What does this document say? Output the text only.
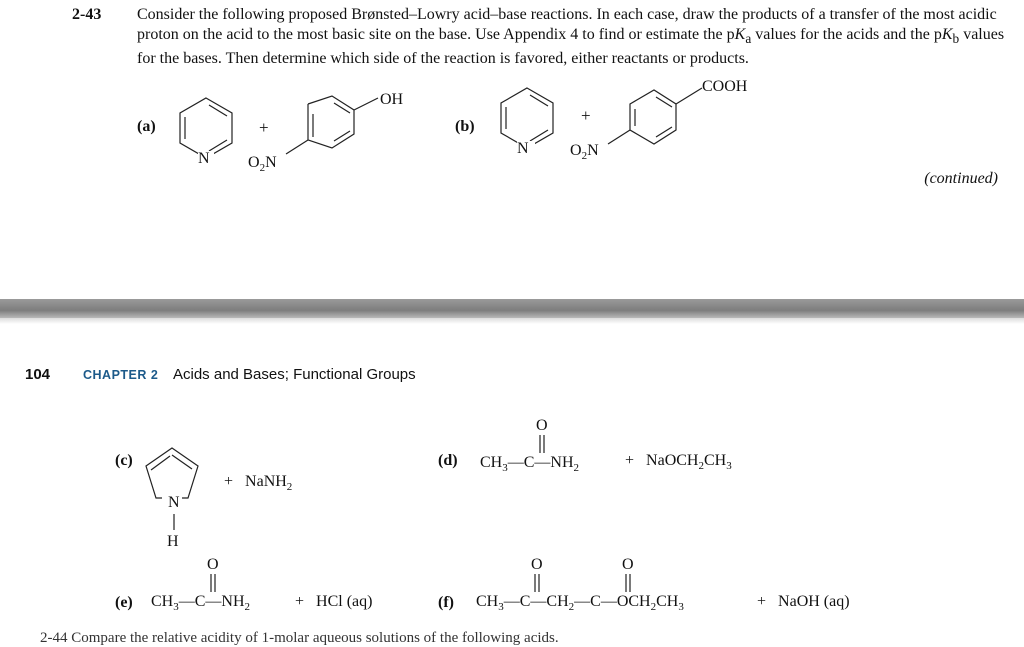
2-43 Consider the following proposed Brønsted–Lowry acid–base reactions. In each case, draw the products of a transfer of the most acidic proton on the acid to the most basic site on the base. Use Appendix 4 to find or estimate the $pK_a$ values for the acids and the $pK_b$ values for the bases. Then determine which side of the reaction is favored, either reactants or products.
(a)
N
+
OH
$O_2N$
(b)
N
+
COOH
$O_2N$
(continued)
104	CHAPTER 2 Acids and Bases; Functional Groups
(c)
N
H
+ NaNH$_2$
(d) $CH_3—C—NH_2$
O
+ $NaOCH_2CH_3$
(e) $CH_3—C—NH_2$
O
+ HCl (aq)	(f) $CH_3—C—CH_2—C—OCH_2CH_3$
O	O
+ NaOH (aq)
2-44 Compare the relative acidity of 1-molar aqueous solutions of the following acids.
